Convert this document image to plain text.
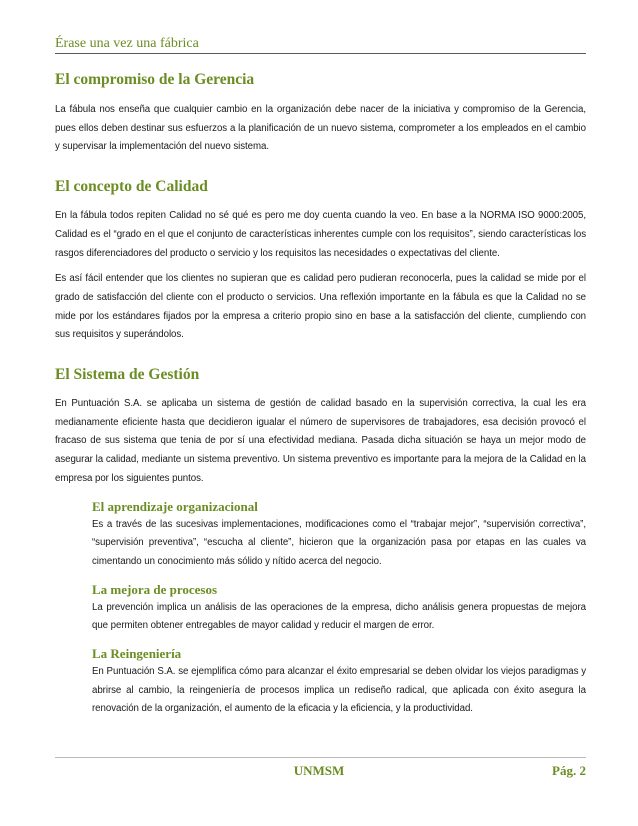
Érase una vez una fábrica
El compromiso de la Gerencia

La fábula nos enseña que cualquier cambio en la organización debe nacer de la iniciativa y compromiso de la Gerencia, pues ellos deben destinar sus esfuerzos a la planificación de un nuevo sistema, comprometer a los empleados en el cambio y supervisar la implementación del nuevo sistema.

El concepto de Calidad

En la fábula todos repiten Calidad no sé qué es pero me doy cuenta cuando la veo. En base a la NORMA ISO 9000:2005, Calidad es el “grado en el que el conjunto de características inherentes cumple con los requisitos”, siendo características los rasgos diferenciadores del producto o servicio y los requisitos las necesidades o expectativas del cliente.

Es así fácil entender que los clientes no supieran que es calidad pero pudieran reconocerla, pues la calidad se mide por el grado de satisfacción del cliente con el producto o servicios. Una reflexión importante en la fábula es que la Calidad no se mide por los estándares fijados por la empresa a criterio propio sino en base a la satisfacción del cliente, cumpliendo con sus requisitos y superándolos.

El Sistema de Gestión

En Puntuación S.A. se aplicaba un sistema de gestión de calidad basado en la supervisión correctiva, la cual les era medianamente eficiente hasta que decidieron igualar el número de supervisores de trabajadores, esa decisión provocó el fracaso de sus sistema que tenia de por sí una efectividad mediana. Pasada dicha situación se haya un mejor modo de asegurar la calidad, mediante un sistema preventivo. Un sistema preventivo es importante para la mejora de la Calidad en la empresa por los siguientes puntos.

El aprendizaje organizacional

Es a través de las sucesivas implementaciones, modificaciones como el “trabajar mejor”, “supervisión correctiva”, “supervisión preventiva”, “escucha al cliente”, hicieron que la organización pasa por etapas en las cuales va cimentando un conocimiento más sólido y nítido acerca del negocio.

La mejora de procesos

La prevención implica un análisis de las operaciones de la empresa, dicho análisis genera propuestas de mejora que permiten obtener entregables de mayor calidad y reducir el margen de error.

La Reingeniería

En Puntuación S.A. se ejemplifica cómo para alcanzar el éxito empresarial se deben olvidar los viejos paradigmas y abrirse al cambio, la reingeniería de procesos implica un rediseño radical, que aplicada con éxito asegura la renovación de la organización, el aumento de la eficacia y la eficiencia, y la productividad.

UNMSM	Pág. 2
